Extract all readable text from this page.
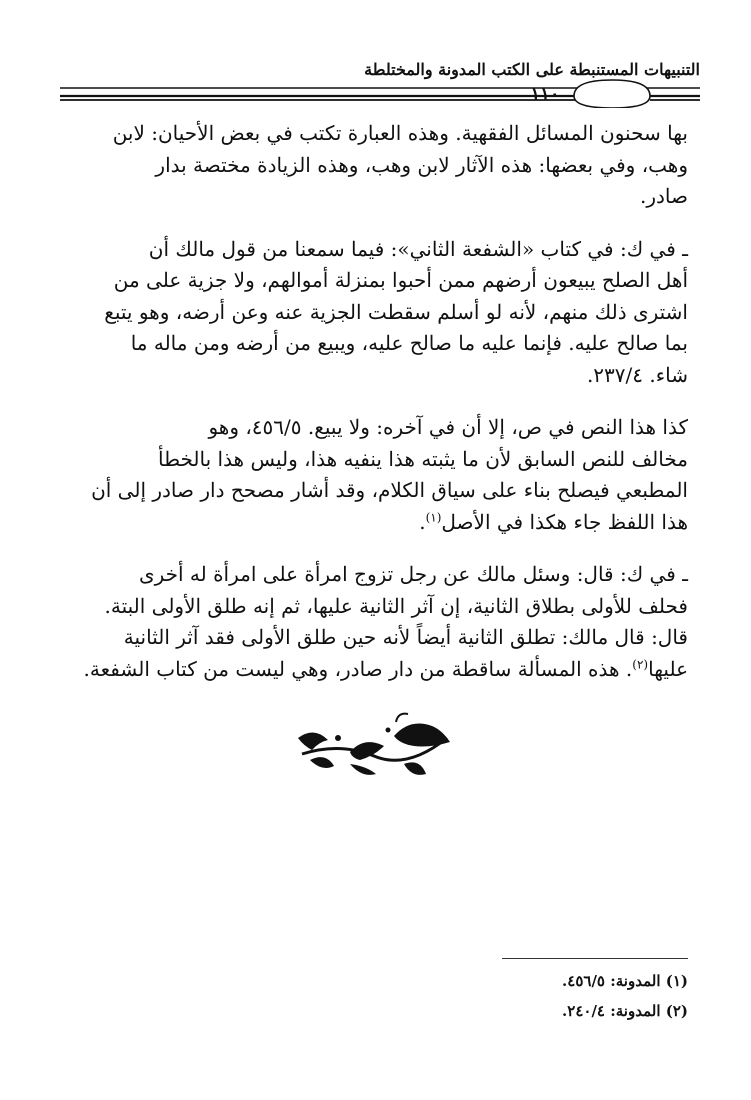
التنبيهات المستنبطة على الكتب المدونة والمختلطة
١١٠
بها سحنون المسائل الفقهية. وهذه العبارة تكتب في بعض الأحيان: لابن
وهب، وفي بعضها: هذه الآثار لابن وهب، وهذه الزيادة مختصة بدار
صادر.
ـ في ك: في كتاب «الشفعة الثاني»: فيما سمعنا من قول مالك أن
أهل الصلح يبيعون أرضهم ممن أحبوا بمنزلة أموالهم، ولا جزية على من
اشترى ذلك منهم، لأنه لو أسلم سقطت الجزية عنه وعن أرضه، وهو يتبع
بما صالح عليه. فإنما عليه ما صالح عليه، ويبيع من أرضه ومن ماله ما
شاء. ٢٣٧/٤.
كذا هذا النص في ص، إلا أن في آخره: ولا يبيع. ٤٥٦/٥، وهو
مخالف للنص السابق لأن ما يثبته هذا ينفيه هذا، وليس هذا بالخطأ
المطبعي فيصلح بناء على سياق الكلام، وقد أشار مصحح دار صادر إلى أن
هذا اللفظ جاء هكذا في الأصل$^{(١)}$.
ـ في ك: قال: وسئل مالك عن رجل تزوج امرأة على امرأة له أخرى
فحلف للأولى بطلاق الثانية، إن آثر الثانية عليها، ثم إنه طلق الأولى البتة.
قال: قال مالك: تطلق الثانية أيضاً لأنه حين طلق الأولى فقد آثر الثانية
عليها$^{(٢)}$. هذه المسألة ساقطة من دار صادر، وهي ليست من كتاب الشفعة.
(١) المدونة: ٤٥٦/٥.
(٢) المدونة: ٢٤٠/٤.
